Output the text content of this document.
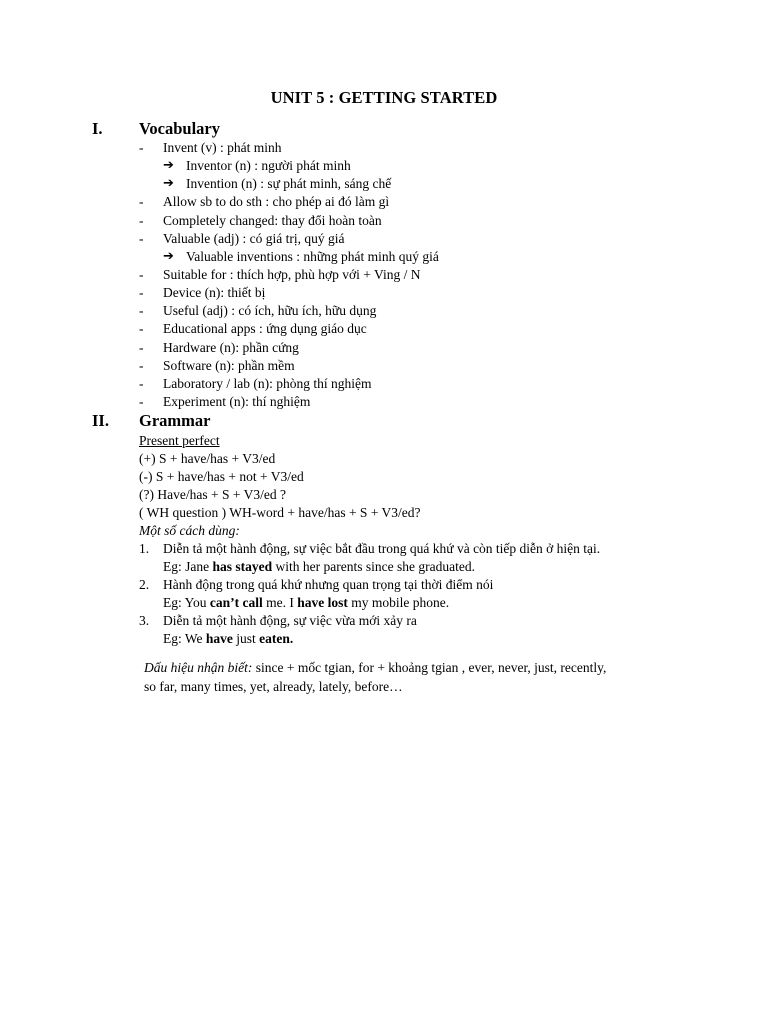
UNIT 5 : GETTING STARTED
I. Vocabulary
- Invent (v) : phát minh
➔ Inventor (n) : người phát minh
➔ Invention (n) : sự phát minh, sáng chế
- Allow sb to do sth : cho phép ai đó làm gì
- Completely changed: thay đổi hoàn toàn
- Valuable (adj) : có giá trị, quý giá
➔ Valuable inventions : những phát minh quý giá
- Suitable for : thích hợp, phù hợp với + Ving / N
- Device (n): thiết bị
- Useful (adj) : có ích, hữu ích, hữu dụng
- Educational apps : ứng dụng giáo dục
- Hardware (n): phần cứng
- Software (n): phần mềm
- Laboratory / lab (n): phòng thí nghiệm
- Experiment (n): thí nghiệm
II. Grammar
Present perfect
(+) S + have/has + V3/ed
(-) S + have/has + not + V3/ed
(?) Have/has + S + V3/ed ?
( WH question ) WH-word + have/has + S + V3/ed?
Một số cách dùng:
1. Diễn tả một hành động, sự việc bắt đầu trong quá khứ và còn tiếp diễn ở hiện tại.
Eg: Jane has stayed with her parents since she graduated.
2. Hành động trong quá khứ nhưng quan trọng tại thời điểm nói
Eg: You can’t call me. I have lost my mobile phone.
3. Diễn tả một hành động, sự việc vừa mới xảy ra
Eg: We have just eaten.
Dấu hiệu nhận biết: since + mốc tgian, for + khoảng tgian , ever, never, just, recently,
so far, many times, yet, already, lately, before…
